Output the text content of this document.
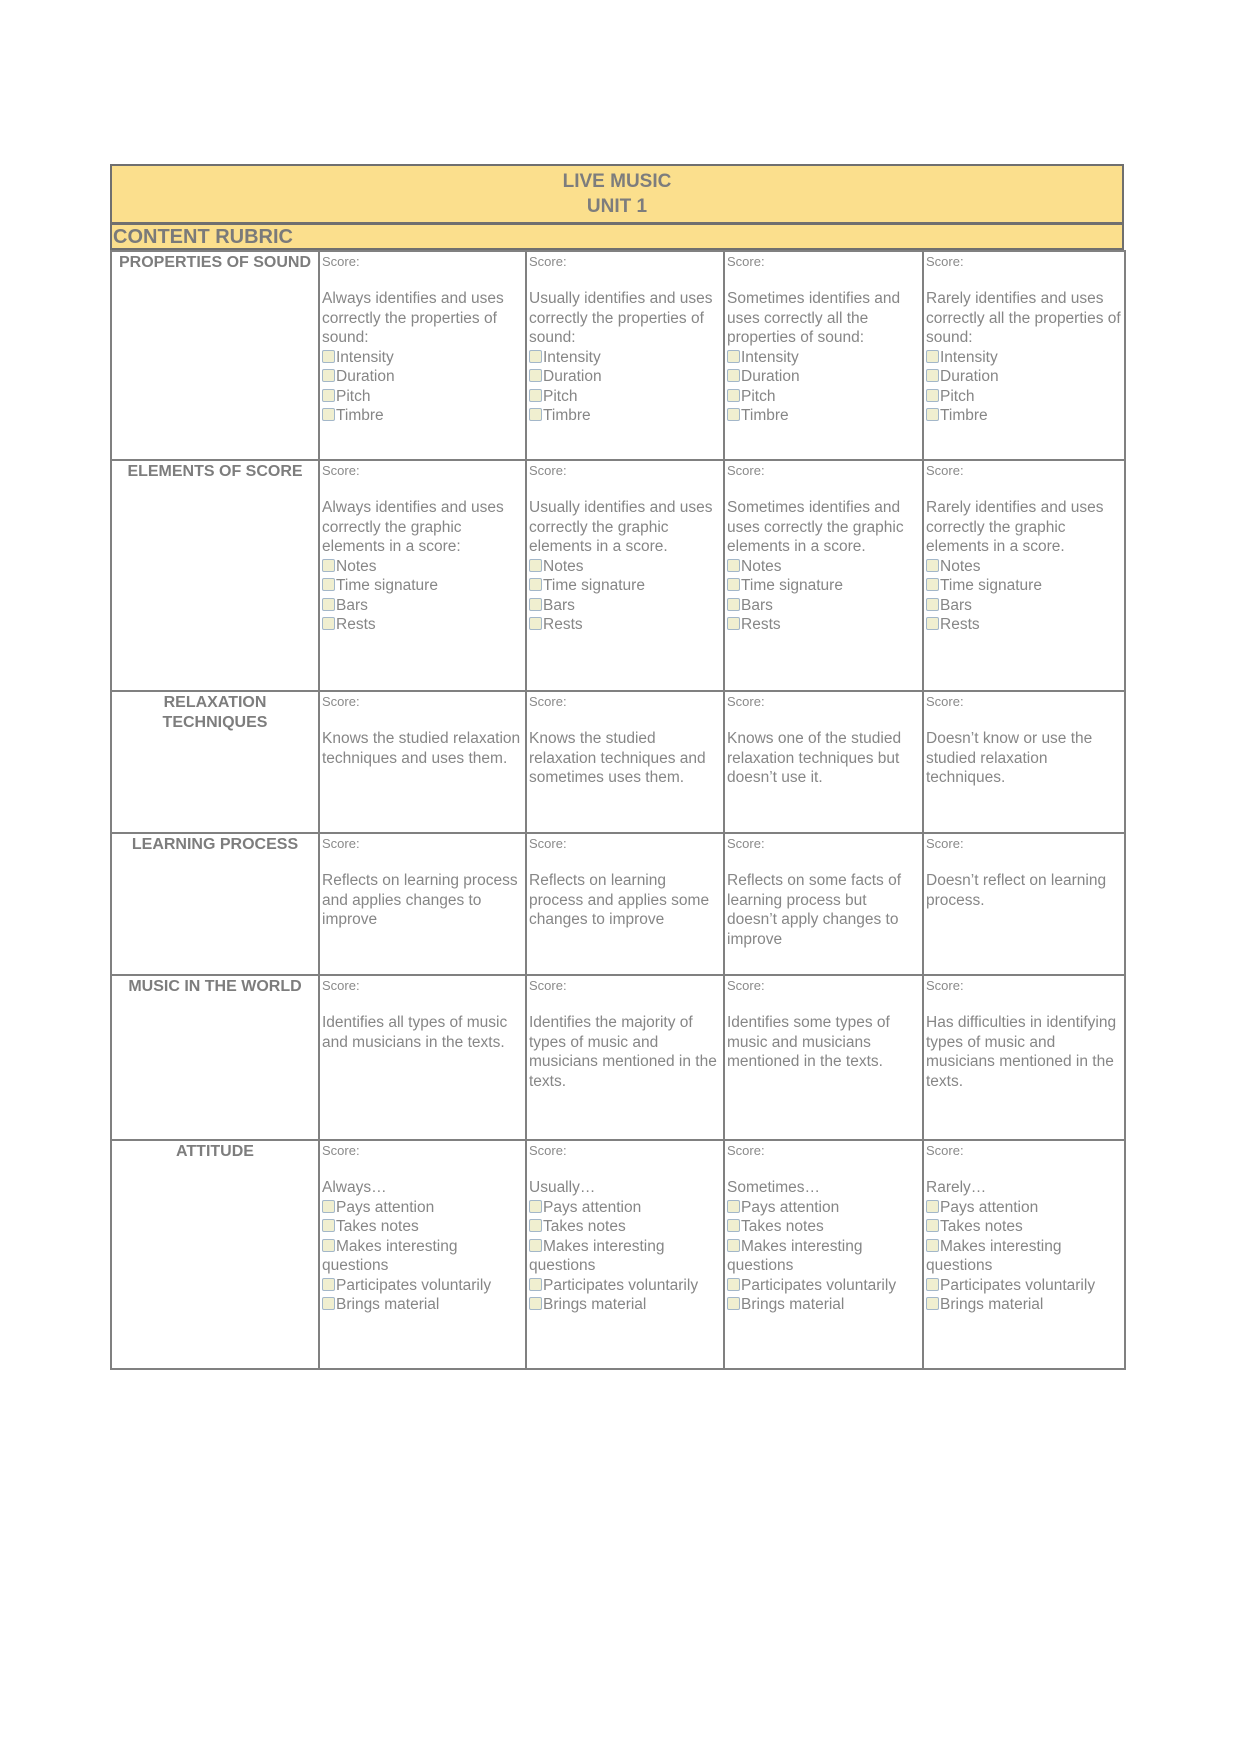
LIVE MUSIC
UNIT 1
CONTENT RUBRIC
PROPERTIES OF SOUND	Score:
Always identifies and uses correctly the properties of sound:
Intensity
Duration
Pitch
Timbre

Score:
Usually identifies and uses correctly the properties of sound:
Intensity
Duration
Pitch
Timbre

Score:
Sometimes identifies and uses correctly all the properties of sound:
Intensity
Duration
Pitch
Timbre

Score:
Rarely identifies and uses correctly all the properties of sound:
Intensity
Duration
Pitch
Timbre

ELEMENTS OF SCORE	Score:
Always identifies and uses correctly the graphic elements in a score:
Notes
Time signature
Bars
Rests

Score:
Usually identifies and uses correctly the graphic elements in a score.
Notes
Time signature
Bars
Rests

Score:
Sometimes identifies and uses correctly the graphic elements in a score.
Notes
Time signature
Bars
Rests

Score:
Rarely identifies and uses correctly the graphic elements in a score.
Notes
Time signature
Bars
Rests

RELAXATION TECHNIQUES	
Score:
Knows the studied relaxation techniques and uses them.

Score:
Knows the studied relaxation techniques and sometimes uses them.

Score:
Knows one of the studied relaxation techniques but doesn’t use it.

Score:
Doesn’t know or use the studied relaxation techniques.

LEARNING PROCESS	Score:
Reflects on learning process and applies changes to improve

Score:
Reflects on learning process and applies some changes to improve

Score:
Reflects on some facts of learning process but doesn’t apply changes to improve

Score:
Doesn’t reflect on learning process.

MUSIC IN THE WORLD	Score:
Identifies all types of music and musicians in the texts.

Score:
Identifies the majority of types of music and musicians mentioned in the texts.

Score:
Identifies some types of music and musicians mentioned in the texts.

Score:
Has difficulties in identifying types of music and musicians mentioned in the texts.

ATTITUDE	Score:
Always…
Pays attention
Takes notes
Makes interesting questions
Participates voluntarily
Brings material

Score:
Usually…
Pays attention
Takes notes
Makes interesting questions
Participates voluntarily
Brings material

Score:
Sometimes…
Pays attention
Takes notes
Makes interesting questions
Participates voluntarily
Brings material

Score:
Rarely…
Pays attention
Takes notes
Makes interesting questions
Participates voluntarily
Brings material
